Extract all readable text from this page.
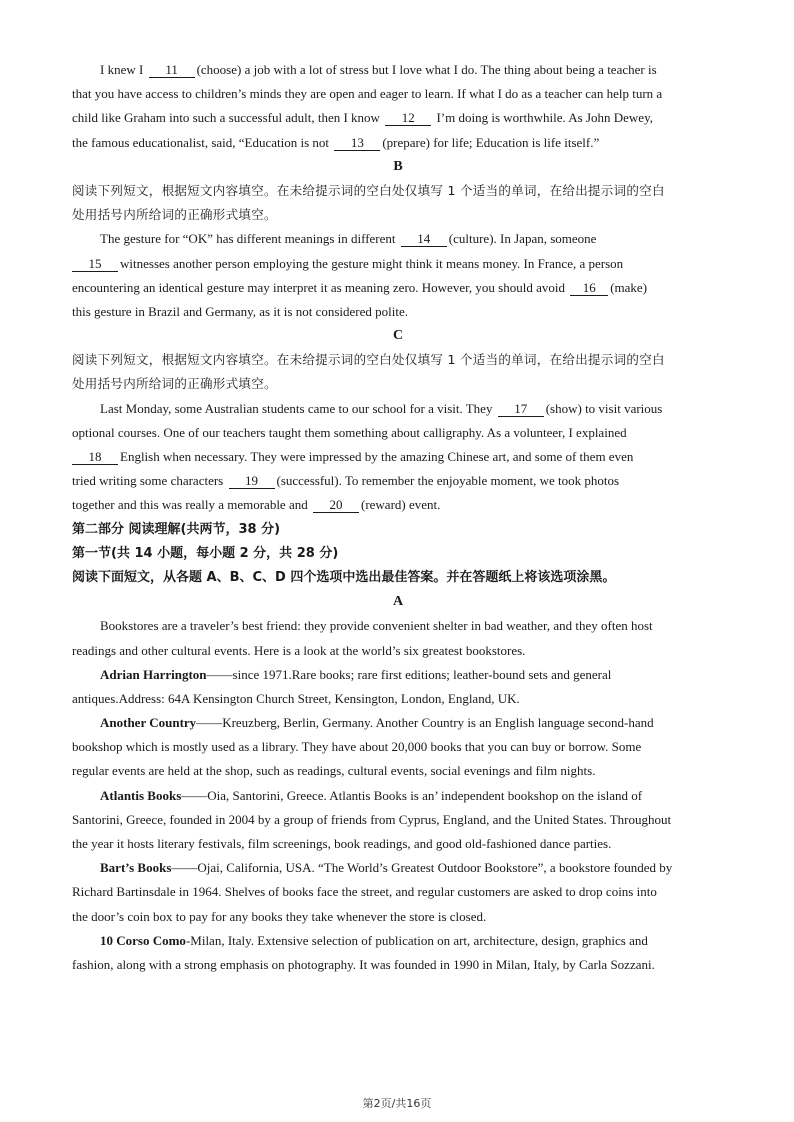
I knew I 11 (choose) a job with a lot of stress but I love what I do. The thing about being a teacher is
that you have access to children’s minds they are open and eager to learn. If what I do as a teacher can help turn a
child like Graham into such a successful adult, then I know 12 I’m doing is worthwhile. As John Dewey,
the famous educationalist, said, “Education is not 13 (prepare) for life; Education is life itself.”
B
阅读下列短文，根据短文内容填空。在未给提示词的空白处仅填写 1 个适当的单词，在给出提示词的空白
处用括号内所给词的正确形式填空。
The gesture for “OK” has different meanings in different 14 (culture). In Japan, someone
15 witnesses another person employing the gesture might think it means money. In France, a person
encountering an identical gesture may interpret it as meaning zero. However, you should avoid 16 (make)
this gesture in Brazil and Germany, as it is not considered polite.
C
阅读下列短文，根据短文内容填空。在未给提示词的空白处仅填写 1 个适当的单词，在给出提示词的空白
处用括号内所给词的正确形式填空。
Last Monday, some Australian students came to our school for a visit. They 17 (show) to visit various
optional courses. One of our teachers taught them something about calligraphy. As a volunteer, I explained
18 English when necessary. They were impressed by the amazing Chinese art, and some of them even
tried writing some characters 19 (successful). To remember the enjoyable moment, we took photos
together and this was really a memorable and 20 (reward) event.
第二部分 阅读理解(共两节，38 分)
第一节(共 14 小题，每小题 2 分，共 28 分)
阅读下面短文，从各题 A、B、C、D 四个选项中选出最佳答案。并在答题纸上将该选项涂黑。
A
Bookstores are a traveler’s best friend: they provide convenient shelter in bad weather, and they often host
readings and other cultural events. Here is a look at the world’s six greatest bookstores.
Adrian Harrington——since 1971.Rare books; rare first editions; leather-bound sets and general
antiques.Address: 64A Kensington Church Street, Kensington, London, England, UK.
Another Country——Kreuzberg, Berlin, Germany. Another Country is an English language second-hand
bookshop which is mostly used as a library. They have about 20,000 books that you can buy or borrow. Some
regular events are held at the shop, such as readings, cultural events, social evenings and film nights.
Atlantis Books——Oia, Santorini, Greece. Atlantis Books is an’ independent bookshop on the island of
Santorini, Greece, founded in 2004 by a group of friends from Cyprus, England, and the United States. Throughout
the year it hosts literary festivals, film screenings, book readings, and good old-fashioned dance parties.
Bart’s Books——Ojai, California, USA. “The World’s Greatest Outdoor Bookstore”, a bookstore founded by
Richard Bartinsdale in 1964. Shelves of books face the street, and regular customers are asked to drop coins into
the door’s coin box to pay for any books they take whenever the store is closed.
10 Corso Como-Milan, Italy. Extensive selection of publication on art, architecture, design, graphics and
fashion, along with a strong emphasis on photography. It was founded in 1990 in Milan, Italy, by Carla Sozzani.
第2页/共16页
